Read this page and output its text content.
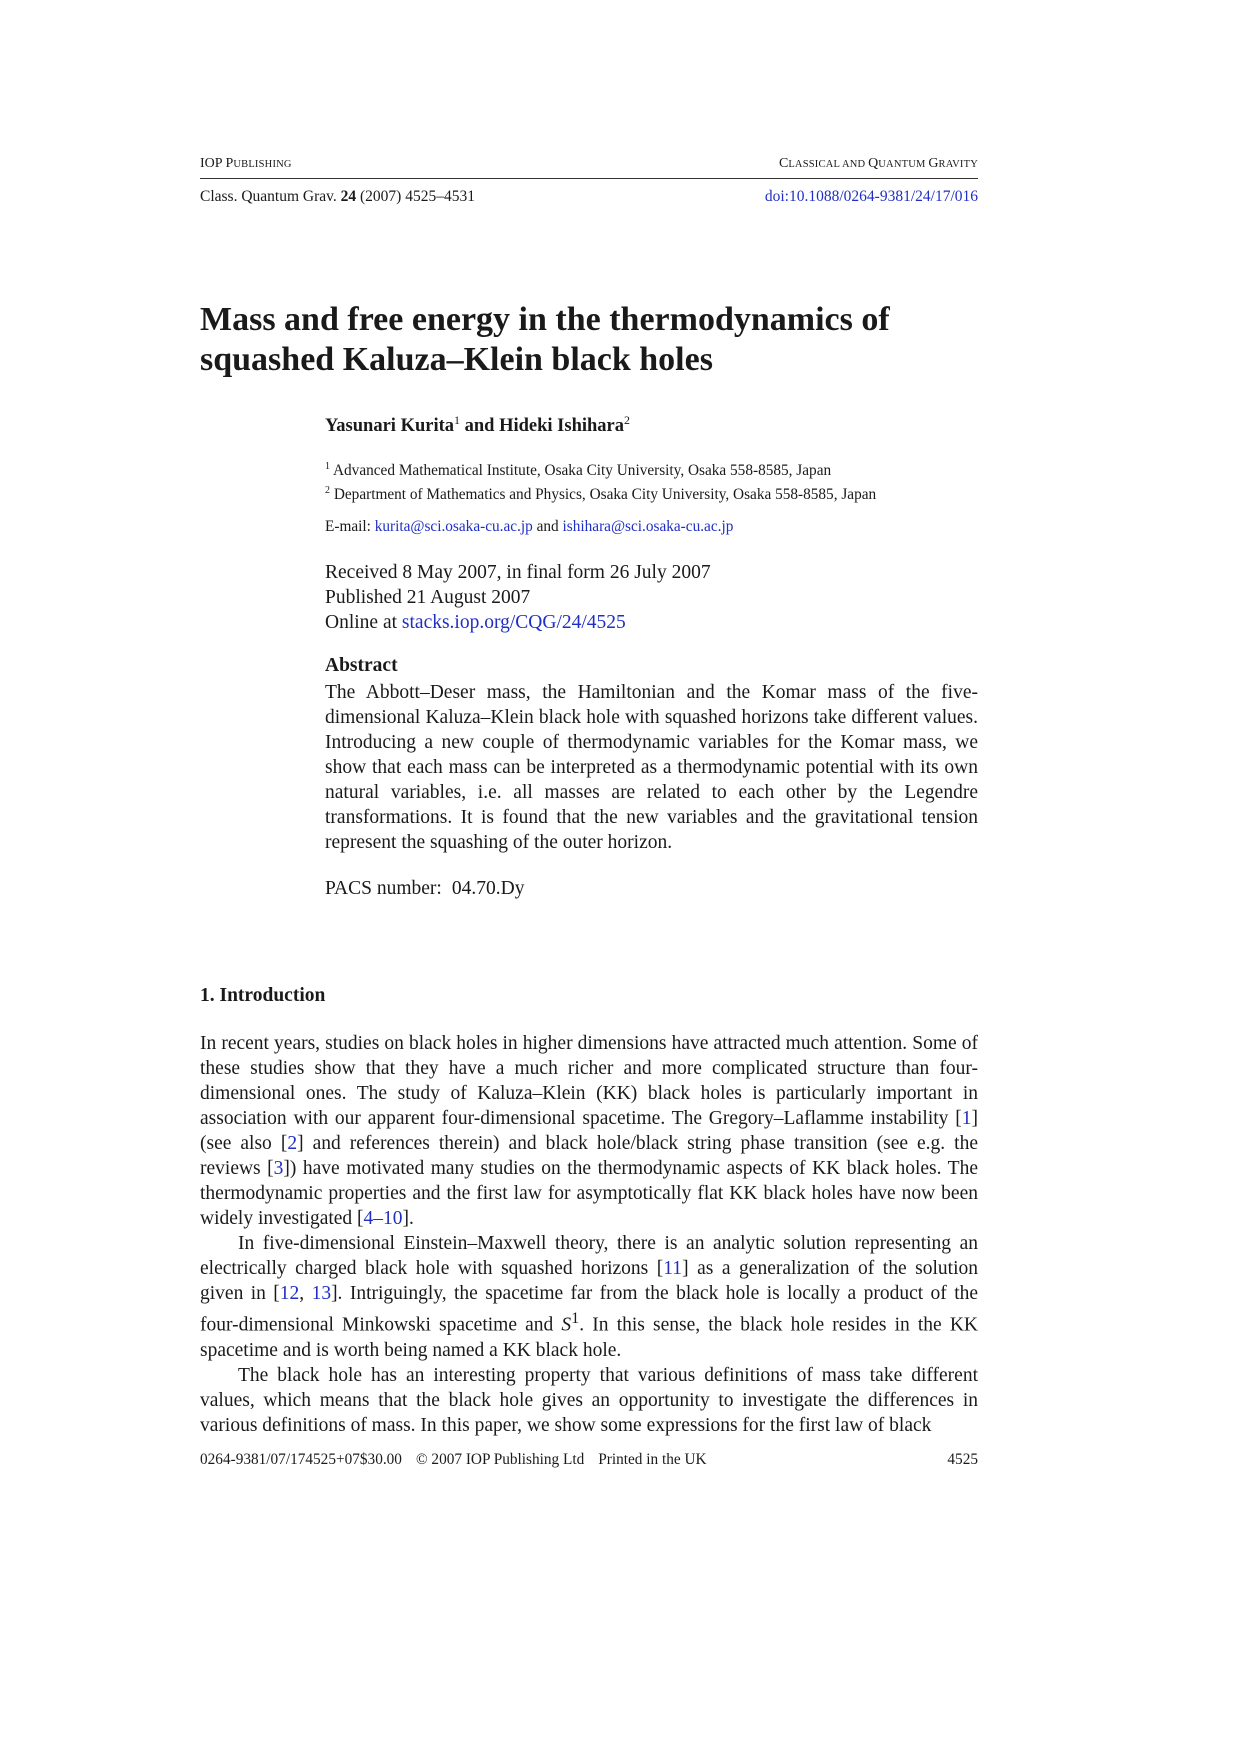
IOP PUBLISHING	CLASSICAL AND QUANTUM GRAVITY
Class. Quantum Grav. 24 (2007) 4525–4531	doi:10.1088/0264-9381/24/17/016
Mass and free energy in the thermodynamics of
squashed Kaluza–Klein black holes
Yasunari Kurita$^1$ and Hideki Ishihara$^2$
$^1$ Advanced Mathematical Institute, Osaka City University, Osaka 558-8585, Japan
$^2$ Department of Mathematics and Physics, Osaka City University, Osaka 558-8585, Japan
E-mail: kurita@sci.osaka-cu.ac.jp and ishihara@sci.osaka-cu.ac.jp
Received 8 May 2007, in final form 26 July 2007
Published 21 August 2007
Online at stacks.iop.org/CQG/24/4525
Abstract

The Abbott–Deser mass, the Hamiltonian and the Komar mass of the five-dimensional Kaluza–Klein black hole with squashed horizons take different values. Introducing a new couple of thermodynamic variables for the Komar mass, we show that each mass can be interpreted as a thermodynamic potential with its own natural variables, i.e. all masses are related to each other by the Legendre transformations. It is found that the new variables and the gravitational tension represent the squashing of the outer horizon.

PACS number: 04.70.Dy
1. Introduction

In recent years, studies on black holes in higher dimensions have attracted much attention. Some of these studies show that they have a much richer and more complicated structure than four-dimensional ones. The study of Kaluza–Klein (KK) black holes is particularly important in association with our apparent four-dimensional spacetime. The Gregory–Laflamme instability [1] (see also [2] and references therein) and black hole/black string phase transition (see e.g. the reviews [3]) have motivated many studies on the thermodynamic aspects of KK black holes. The thermodynamic properties and the first law for asymptotically flat KK black holes have now been widely investigated [4–10].

In five-dimensional Einstein–Maxwell theory, there is an analytic solution representing an electrically charged black hole with squashed horizons [11] as a generalization of the solution given in [12, 13]. Intriguingly, the spacetime far from the black hole is locally a product of the four-dimensional Minkowski spacetime and $S^1$. In this sense, the black hole resides in the KK spacetime and is worth being named a KK black hole.

The black hole has an interesting property that various definitions of mass take different values, which means that the black hole gives an opportunity to investigate the differences in various definitions of mass. In this paper, we show some expressions for the first law of black

0264-9381/07/174525+07$30.00 © 2007 IOP Publishing Ltd Printed in the UK	4525
